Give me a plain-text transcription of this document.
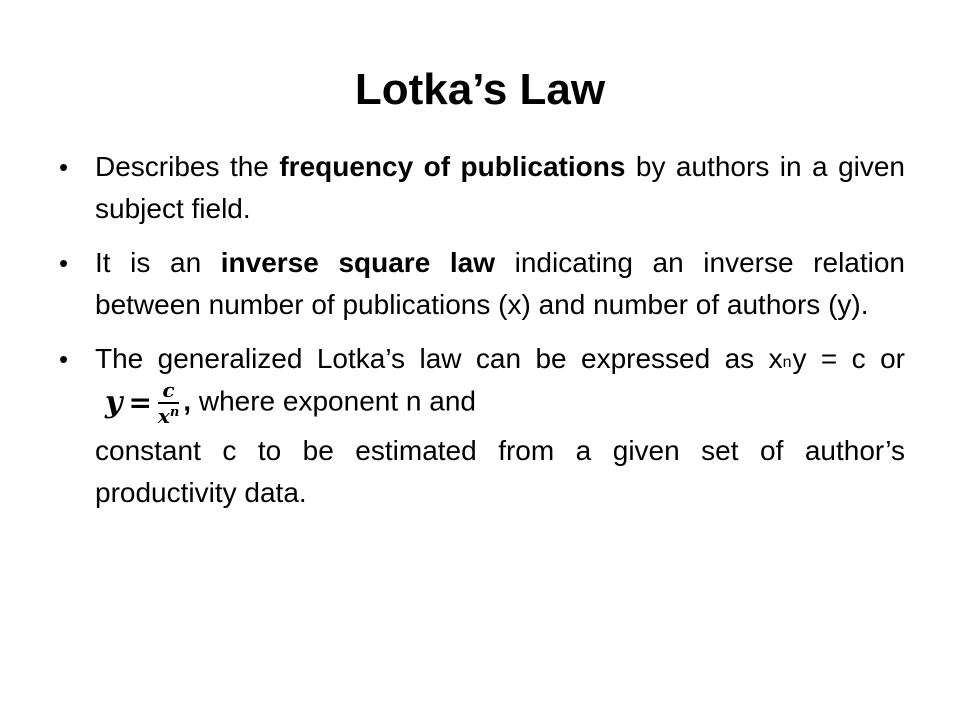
Lotka’s Law
• Describes the frequency of publications by authors in a given subject field.
• It is an inverse square law indicating an inverse relation between number of publications (x) and number of authors (y).
• The generalized Lotka’s law can be expressed as $x^ny = c$ or $y = \frac{c}{x^n}$ , where exponent n and
constant c to be estimated from a given set of author’s productivity data.
